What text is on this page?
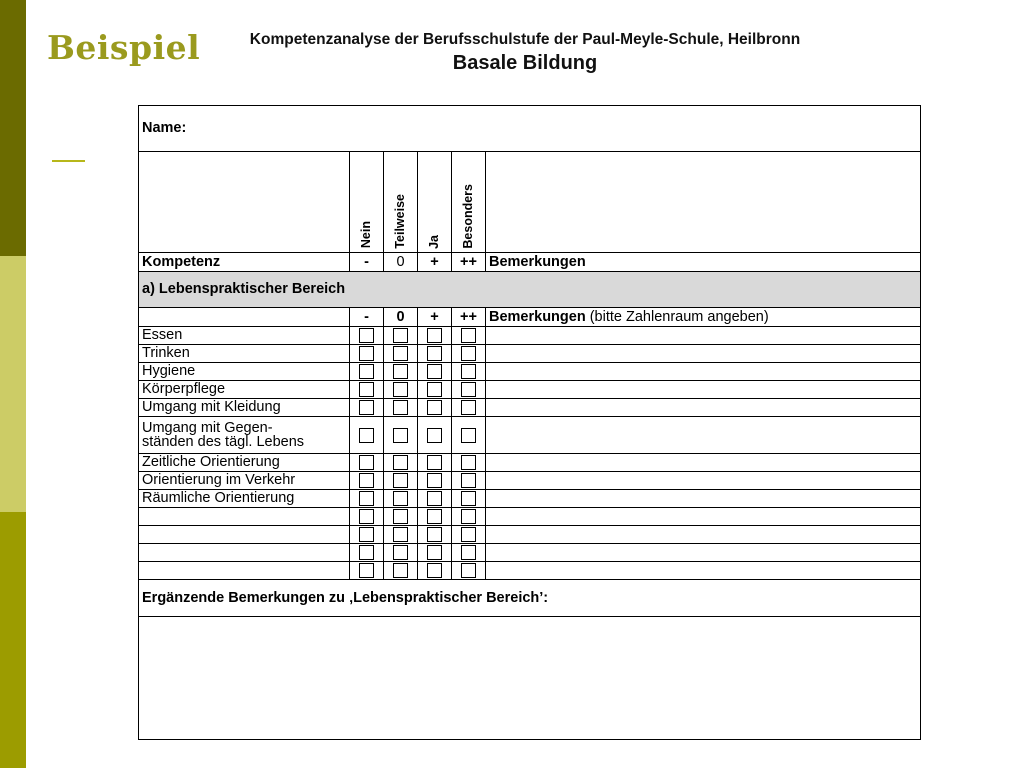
Beispiel	Kompetenzanalyse der Berufsschulstufe der Paul-Meyle-Schule, Heilbronn
Basale Bildung
Name:					
	Nein	Teilweise	Ja	Besonders	
Kompetenz	-	0	+	++	Bemerkungen
a) Lebenspraktischer Bereich					
	-	0	+	++	Bemerkungen (bitte Zahlenraum angeben)
Essen					
Trinken					
Hygiene					
Körperpflege					
Umgang mit Kleidung					
Umgang mit Gegen-
ständen des tägl. Lebens					
Zeitliche Orientierung					
Orientierung im Verkehr					
Räumliche Orientierung					

Ergänzende Bemerkungen zu ‚Lebenspraktischer Bereich’:					
